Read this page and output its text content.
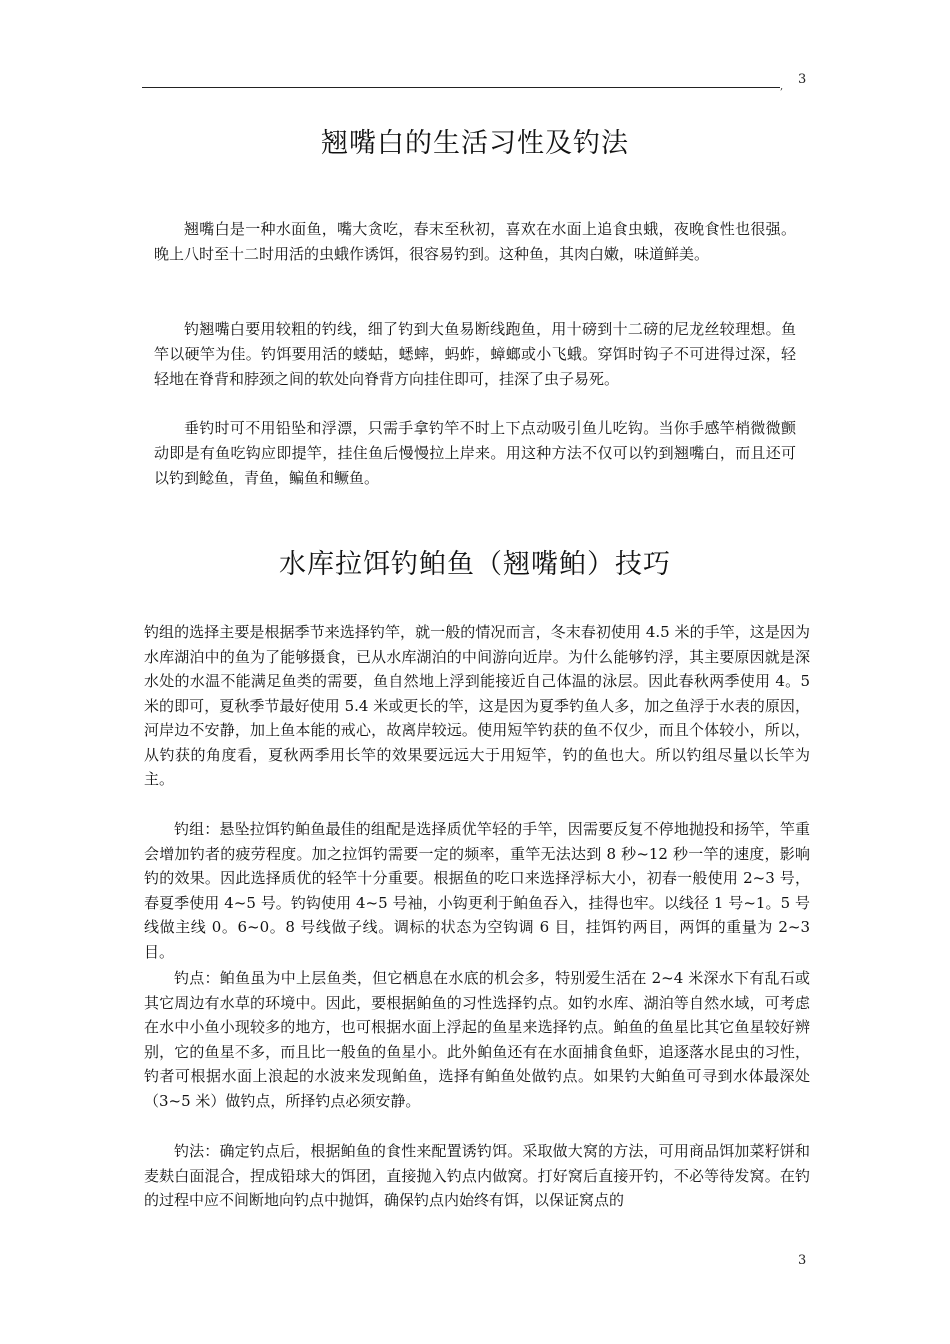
, 3
翘嘴白的生活习性及钓法

翘嘴白是一种水面鱼，嘴大贪吃，春末至秋初，喜欢在水面上追食虫蛾，夜晚食性也很强。晚上八时至十二时用活的虫蛾作诱饵，很容易钓到。这种鱼，其肉白嫩，味道鲜美。

钓翘嘴白要用较粗的钓线，细了钓到大鱼易断线跑鱼，用十磅到十二磅的尼龙丝较理想。鱼竿以硬竿为佳。钓饵要用活的蝼蛄，蟋蟀，蚂蚱，蟑螂或小飞蛾。穿饵时钩子不可进得过深，轻轻地在脊背和脖颈之间的软处向脊背方向挂住即可，挂深了虫子易死。

垂钓时可不用铅坠和浮漂，只需手拿钓竿不时上下点动吸引鱼儿吃钩。当你手感竿梢微微颤动即是有鱼吃钩应即提竿，挂住鱼后慢慢拉上岸来。用这种方法不仅可以钓到翘嘴白，而且还可以钓到鲶鱼，青鱼，鳊鱼和鳜鱼。

水库拉饵钓鲌鱼（翘嘴鲌）技巧

钓组的选择主要是根据季节来选择钓竿，就一般的情况而言，冬末春初使用 4.5 米的手竿，这是因为水库湖泊中的鱼为了能够摄食，已从水库湖泊的中间游向近岸。为什么能够钓浮，其主要原因就是深水处的水温不能满足鱼类的需要，鱼自然地上浮到能接近自己体温的泳层。因此春秋两季使用 4。5 米的即可，夏秋季节最好使用 5.4 米或更长的竿，这是因为夏季钓鱼人多，加之鱼浮于水表的原因，河岸边不安静，加上鱼本能的戒心，故离岸较远。使用短竿钓获的鱼不仅少，而且个体较小，所以，从钓获的角度看，夏秋两季用长竿的效果要远远大于用短竿，钓的鱼也大。所以钓组尽量以长竿为主。

钓组：悬坠拉饵钓鲌鱼最佳的组配是选择质优竿轻的手竿，因需要反复不停地抛投和扬竿，竿重会增加钓者的疲劳程度。加之拉饵钓需要一定的频率，重竿无法达到 8 秒~12 秒一竿的速度，影响钓的效果。因此选择质优的轻竿十分重要。根据鱼的吃口来选择浮标大小，初春一般使用 2~3 号，春夏季使用 4~5 号。钓钩使用 4~5 号袖，小钩更利于鲌鱼吞入，挂得也牢。以线径 1 号~1。5 号线做主线 0。6~0。8 号线做子线。调标的状态为空钩调 6 目，挂饵钓两目，两饵的重量为 2~3 目。

钓点：鲌鱼虽为中上层鱼类，但它栖息在水底的机会多，特别爱生活在 2~4 米深水下有乱石或其它周边有水草的环境中。因此，要根据鲌鱼的习性选择钓点。如钓水库、湖泊等自然水域，可考虑在水中小鱼小现较多的地方，也可根据水面上浮起的鱼星来选择钓点。鲌鱼的鱼星比其它鱼星较好辨别，它的鱼星不多，而且比一般鱼的鱼星小。此外鲌鱼还有在水面捕食鱼虾，追逐落水昆虫的习性，钓者可根据水面上浪起的水波来发现鲌鱼，选择有鲌鱼处做钓点。如果钓大鲌鱼可寻到水体最深处（3~5 米）做钓点，所择钓点必须安静。

钓法：确定钓点后，根据鲌鱼的食性来配置诱钓饵。采取做大窝的方法，可用商品饵加菜籽饼和麦麸白面混合，捏成铅球大的饵团，直接抛入钓点内做窝。打好窝后直接开钓，不必等待发窝。在钓的过程中应不间断地向钓点中抛饵，确保钓点内始终有饵，以保证窝点的

3
